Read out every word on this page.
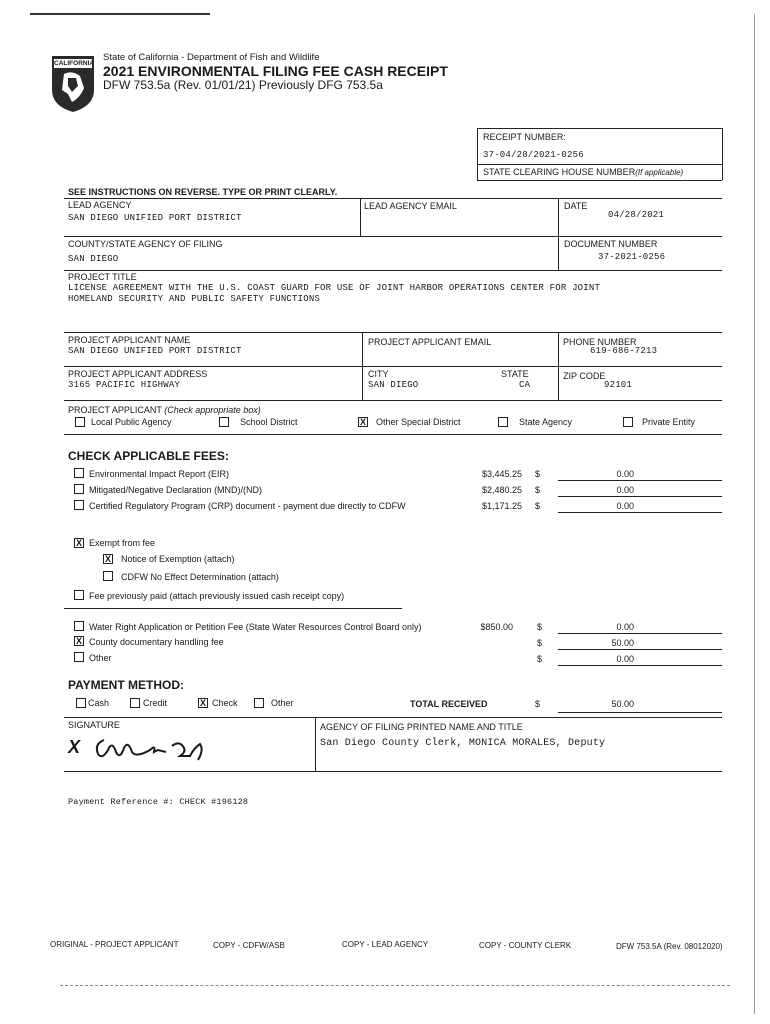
CALIFORNIA
State of California - Department of Fish and Wildlife
2021 ENVIRONMENTAL FILING FEE CASH RECEIPT
DFW 753.5a (Rev. 01/01/21) Previously DFG 753.5a
RECEIPT NUMBER:
37-04/28/2021-0256
STATE CLEARING HOUSE NUMBER(If applicable)
SEE INSTRUCTIONS ON REVERSE. TYPE OR PRINT CLEARLY.
LEAD AGENCY
SAN DIEGO UNIFIED PORT DISTRICT
LEAD AGENCY EMAIL	DATE
04/28/2021
COUNTY/STATE AGENCY OF FILING
SAN DIEGO
DOCUMENT NUMBER
37-2021-0256
PROJECT TITLE
LICENSE AGREEMENT WITH THE U.S. COAST GUARD FOR USE OF JOINT HARBOR OPERATIONS CENTER FOR JOINT
HOMELAND SECURITY AND PUBLIC SAFETY FUNCTIONS
PROJECT APPLICANT NAME
SAN DIEGO UNIFIED PORT DISTRICT
PROJECT APPLICANT EMAIL	PHONE NUMBER
619-686-7213
PROJECT APPLICANT ADDRESS
3165 PACIFIC HIGHWAY
CITY
SAN DIEGO
STATE
CA
ZIP CODE
92101
PROJECT APPLICANT (Check appropriate box)
Local Public Agency	School District	X Other Special District	State Agency	Private Entity
CHECK APPLICABLE FEES:
Environmental Impact Report (EIR)	$3,445.25 $	0.00
Mitigated/Negative Declaration (MND)/(ND)	$2,480.25 $	0.00
Certified Regulatory Program (CRP) document - payment due directly to CDFW	$1,171.25 $	0.00
X Exempt from fee
X Notice of Exemption (attach)
CDFW No Effect Determination (attach)
Fee previously paid (attach previously issued cash receipt copy)
Water Right Application or Petition Fee (State Water Resources Control Board only)	$850.00	$	0.00
X County documentary handling fee	$	50.00
Other	$	0.00
PAYMENT METHOD:
Cash	Credit	X Check	Other	TOTAL RECEIVED	$	50.00
SIGNATURE
X
AGENCY OF FILING PRINTED NAME AND TITLE
San Diego County Clerk, MONICA MORALES, Deputy
Payment Reference #: CHECK #196128
ORIGINAL - PROJECT APPLICANT	COPY - CDFW/ASB	COPY - LEAD AGENCY	COPY - COUNTY CLERK	DFW 753.5A (Rev. 08012020)
